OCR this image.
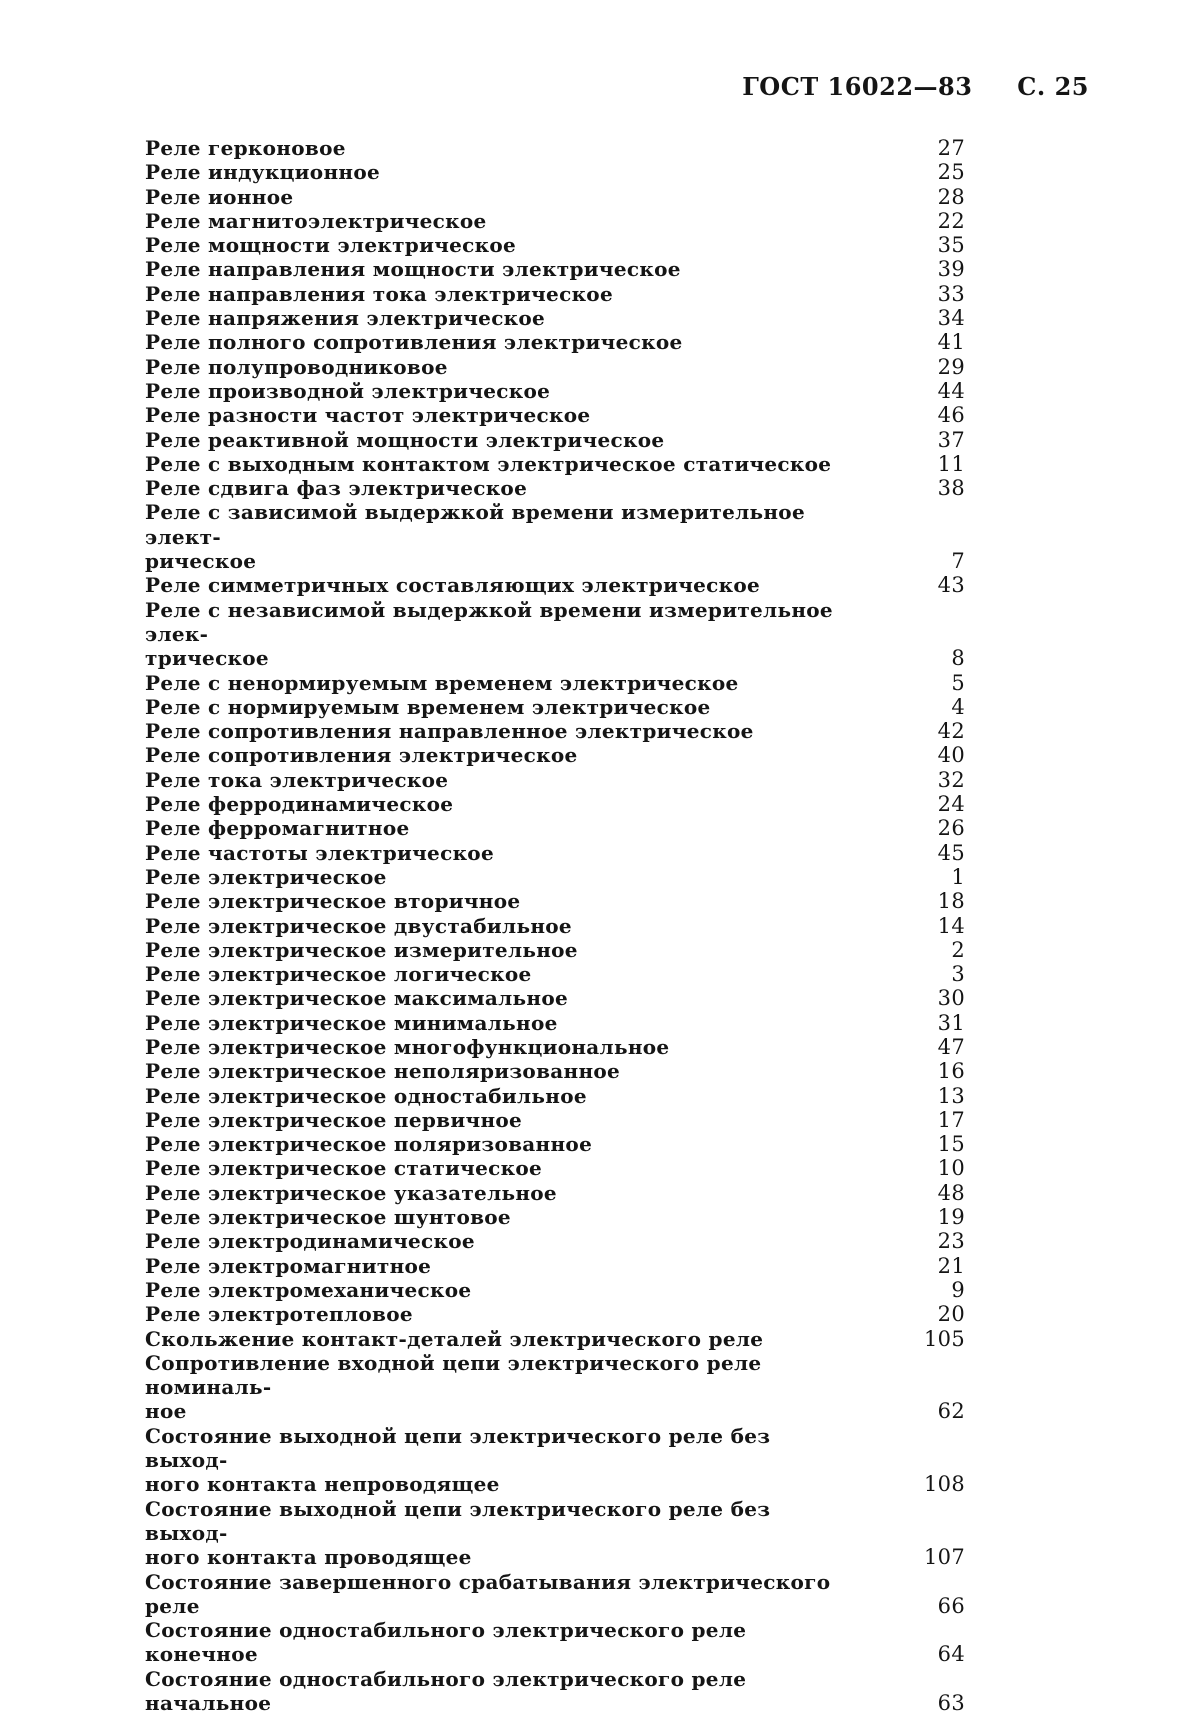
ГОСТ 16022—83 С. 25
Реле герконовое	27
Реле индукционное	25
Реле ионное	28
Реле магнитоэлектрическое	22
Реле мощности электрическое	35
Реле направления мощности электрическое	39
Реле направления тока электрическое	33
Реле напряжения электрическое	34
Реле полного сопротивления электрическое	41
Реле полупроводниковое	29
Реле производной электрическое	44
Реле разности частот электрическое	46
Реле реактивной мощности электрическое	37
Реле с выходным контактом электрическое статическое	11
Реле сдвига фаз электрическое	38
Реле с зависимой выдержкой времени измерительное элект-
рическое	7
Реле симметричных составляющих электрическое	43
Реле с независимой выдержкой времени измерительное элек-
трическое	8
Реле с ненормируемым временем электрическое	5
Реле с нормируемым временем электрическое	4
Реле сопротивления направленное электрическое	42
Реле сопротивления электрическое	40
Реле тока электрическое	32
Реле ферродинамическое	24
Реле ферромагнитное	26
Реле частоты электрическое	45
Реле электрическое	1
Реле электрическое вторичное	18
Реле электрическое двустабильное	14
Реле электрическое измерительное	2
Реле электрическое логическое	3
Реле электрическое максимальное	30
Реле электрическое минимальное	31
Реле электрическое многофункциональное	47
Реле электрическое неполяризованное	16
Реле электрическое одностабильное	13
Реле электрическое первичное	17
Реле электрическое поляризованное	15
Реле электрическое статическое	10
Реле электрическое указательное	48
Реле электрическое шунтовое	19
Реле электродинамическое	23
Реле электромагнитное	21
Реле электромеханическое	9
Реле электротепловое	20
Скольжение контакт-деталей электрического реле	105
Сопротивление входной цепи электрического реле номиналь-
ное	62
Состояние выходной цепи электрического реле без выход-
ного контакта непроводящее	108
Состояние выходной цепи электрического реле без выход-
ного контакта проводящее	107
Состояние завершенного срабатывания электрического реле	66
Состояние одностабильного электрического реле конечное	64
Состояние одностабильного электрического реле начальное	63
